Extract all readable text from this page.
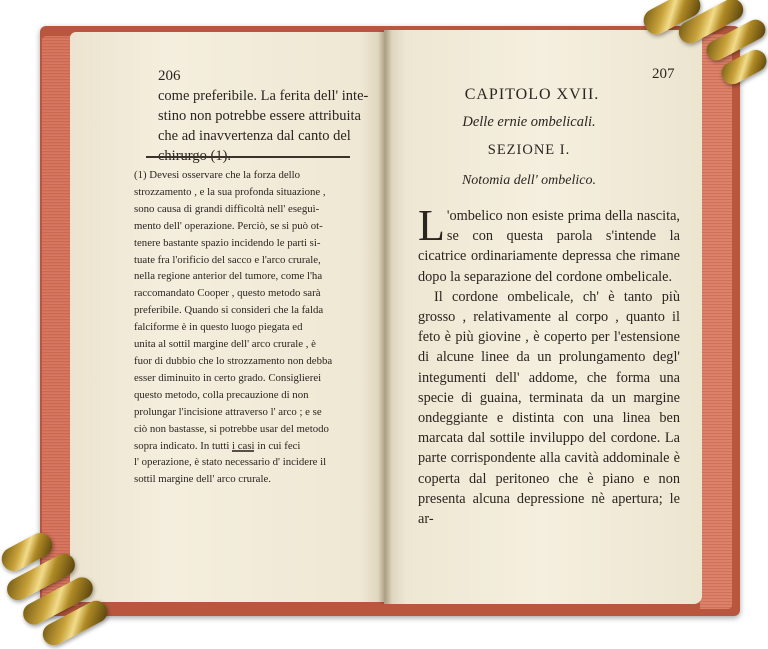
206
come preferibile. La ferita dell' inte-
stino non potrebbe essere attribuita
che ad inavvertenza dal canto del
chirurgo (1).
(1) Devesi osservare che la forza dello
strozzamento , e la sua profonda situazione ,
sono causa di grandi difficoltà nell' eseguì-
mento dell' operazione. Perciò, se si può ot-
tenere bastante spazio incidendo le parti si-
tuate fra l'orificio del sacco e l'arco crurale,
nella regione anterior del tumore, come l'ha
raccomandato Cooper , questo metodo sarà
preferibile. Quando si consideri che la falda
falciforme è in questo luogo piegata ed
unita al sottil margine dell' arco crurale , è
fuor di dubbio che lo strozzamento non debba
esser diminuito in certo grado. Consiglierei
questo metodo, colla precauzione di non
prolungar l'incisione attraverso l' arco ; e se
ciò non bastasse, si potrebbe usar del metodo
sopra indicato. In tutti i casi in cui feci
l' operazione, è stato necessario d' incidere il
sottil margine dell' arco crurale.
207
CAPITOLO XVII.
Delle ernie ombelicali.
SEZIONE I.
Notomia dell' ombelico.

L 'ombelico non esiste prima della nascita, se con questa parola s'intende la cicatrice ordinariamente depressa che rimane dopo la separazione del cordone ombelicale.

Il cordone ombelicale, ch' è tanto più grosso , relativamente al corpo , quanto il feto è più giovine , è coperto per l'estensione di alcune linee da un prolungamento degl' integumenti dell' addome, che forma una specie di guaina, terminata da un margine ondeggiante e distinta con una linea ben marcata dal sottile inviluppo del cordone. La parte corrispondente alla cavità addominale è coperta dal peritoneo che è piano e non presenta alcuna depressione nè apertura; le ar-
